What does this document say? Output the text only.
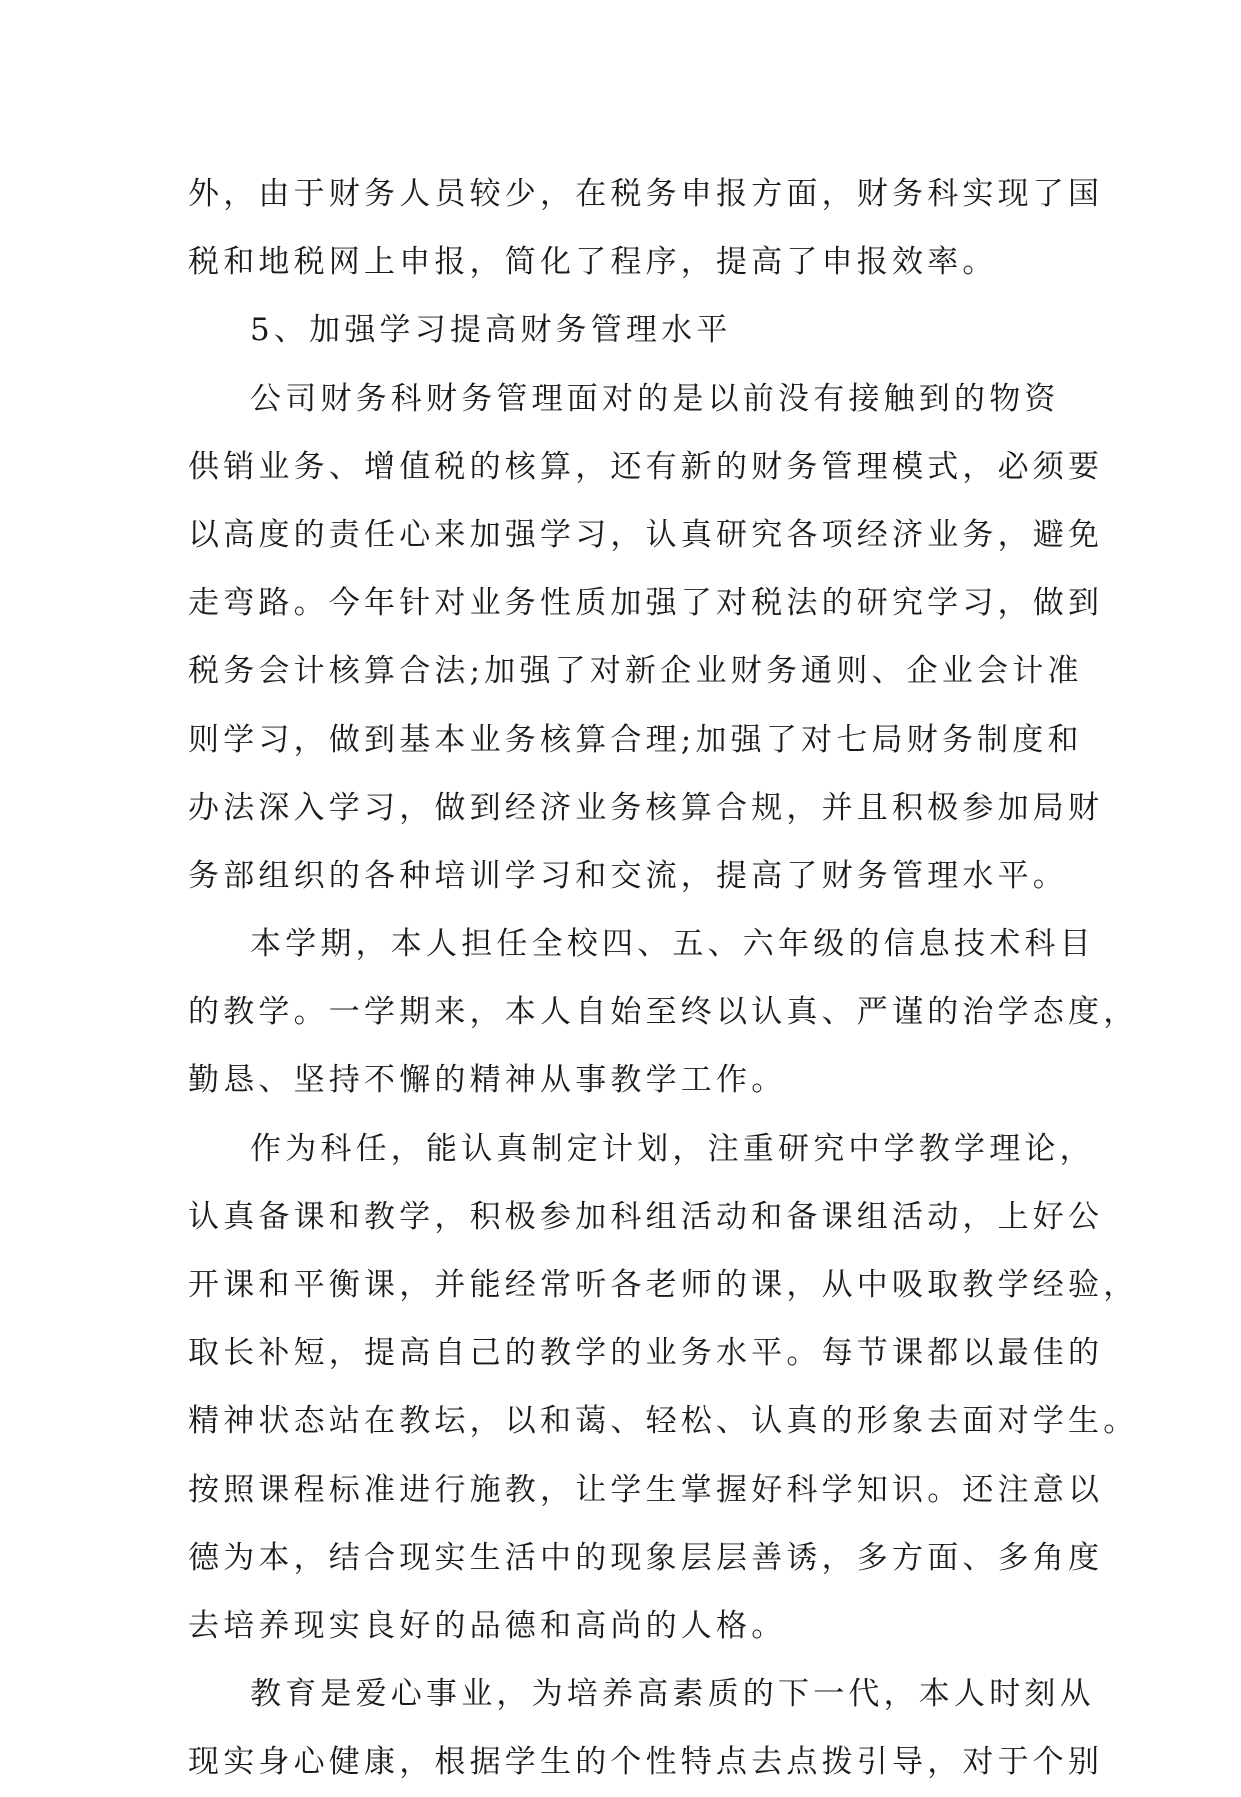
外，由于财务人员较少，在税务申报方面，财务科实现了国
税和地税网上申报，简化了程序，提高了申报效率。
5、加强学习提高财务管理水平
公司财务科财务管理面对的是以前没有接触到的物资
供销业务、增值税的核算，还有新的财务管理模式，必须要
以高度的责任心来加强学习，认真研究各项经济业务，避免
走弯路。今年针对业务性质加强了对税法的研究学习，做到
税务会计核算合法;加强了对新企业财务通则、企业会计准
则学习，做到基本业务核算合理;加强了对七局财务制度和
办法深入学习，做到经济业务核算合规，并且积极参加局财
务部组织的各种培训学习和交流，提高了财务管理水平。
本学期，本人担任全校四、五、六年级的信息技术科目
的教学。一学期来，本人自始至终以认真、严谨的治学态度，
勤恳、坚持不懈的精神从事教学工作。
作为科任，能认真制定计划，注重研究中学教学理论，
认真备课和教学，积极参加科组活动和备课组活动，上好公
开课和平衡课，并能经常听各老师的课，从中吸取教学经验，
取长补短，提高自己的教学的业务水平。每节课都以最佳的
精神状态站在教坛，以和蔼、轻松、认真的形象去面对学生。
按照课程标准进行施教，让学生掌握好科学知识。还注意以
德为本，结合现实生活中的现象层层善诱，多方面、多角度
去培养现实良好的品德和高尚的人格。
教育是爱心事业，为培养高素质的下一代，本人时刻从
现实身心健康，根据学生的个性特点去点拨引导，对于个别
